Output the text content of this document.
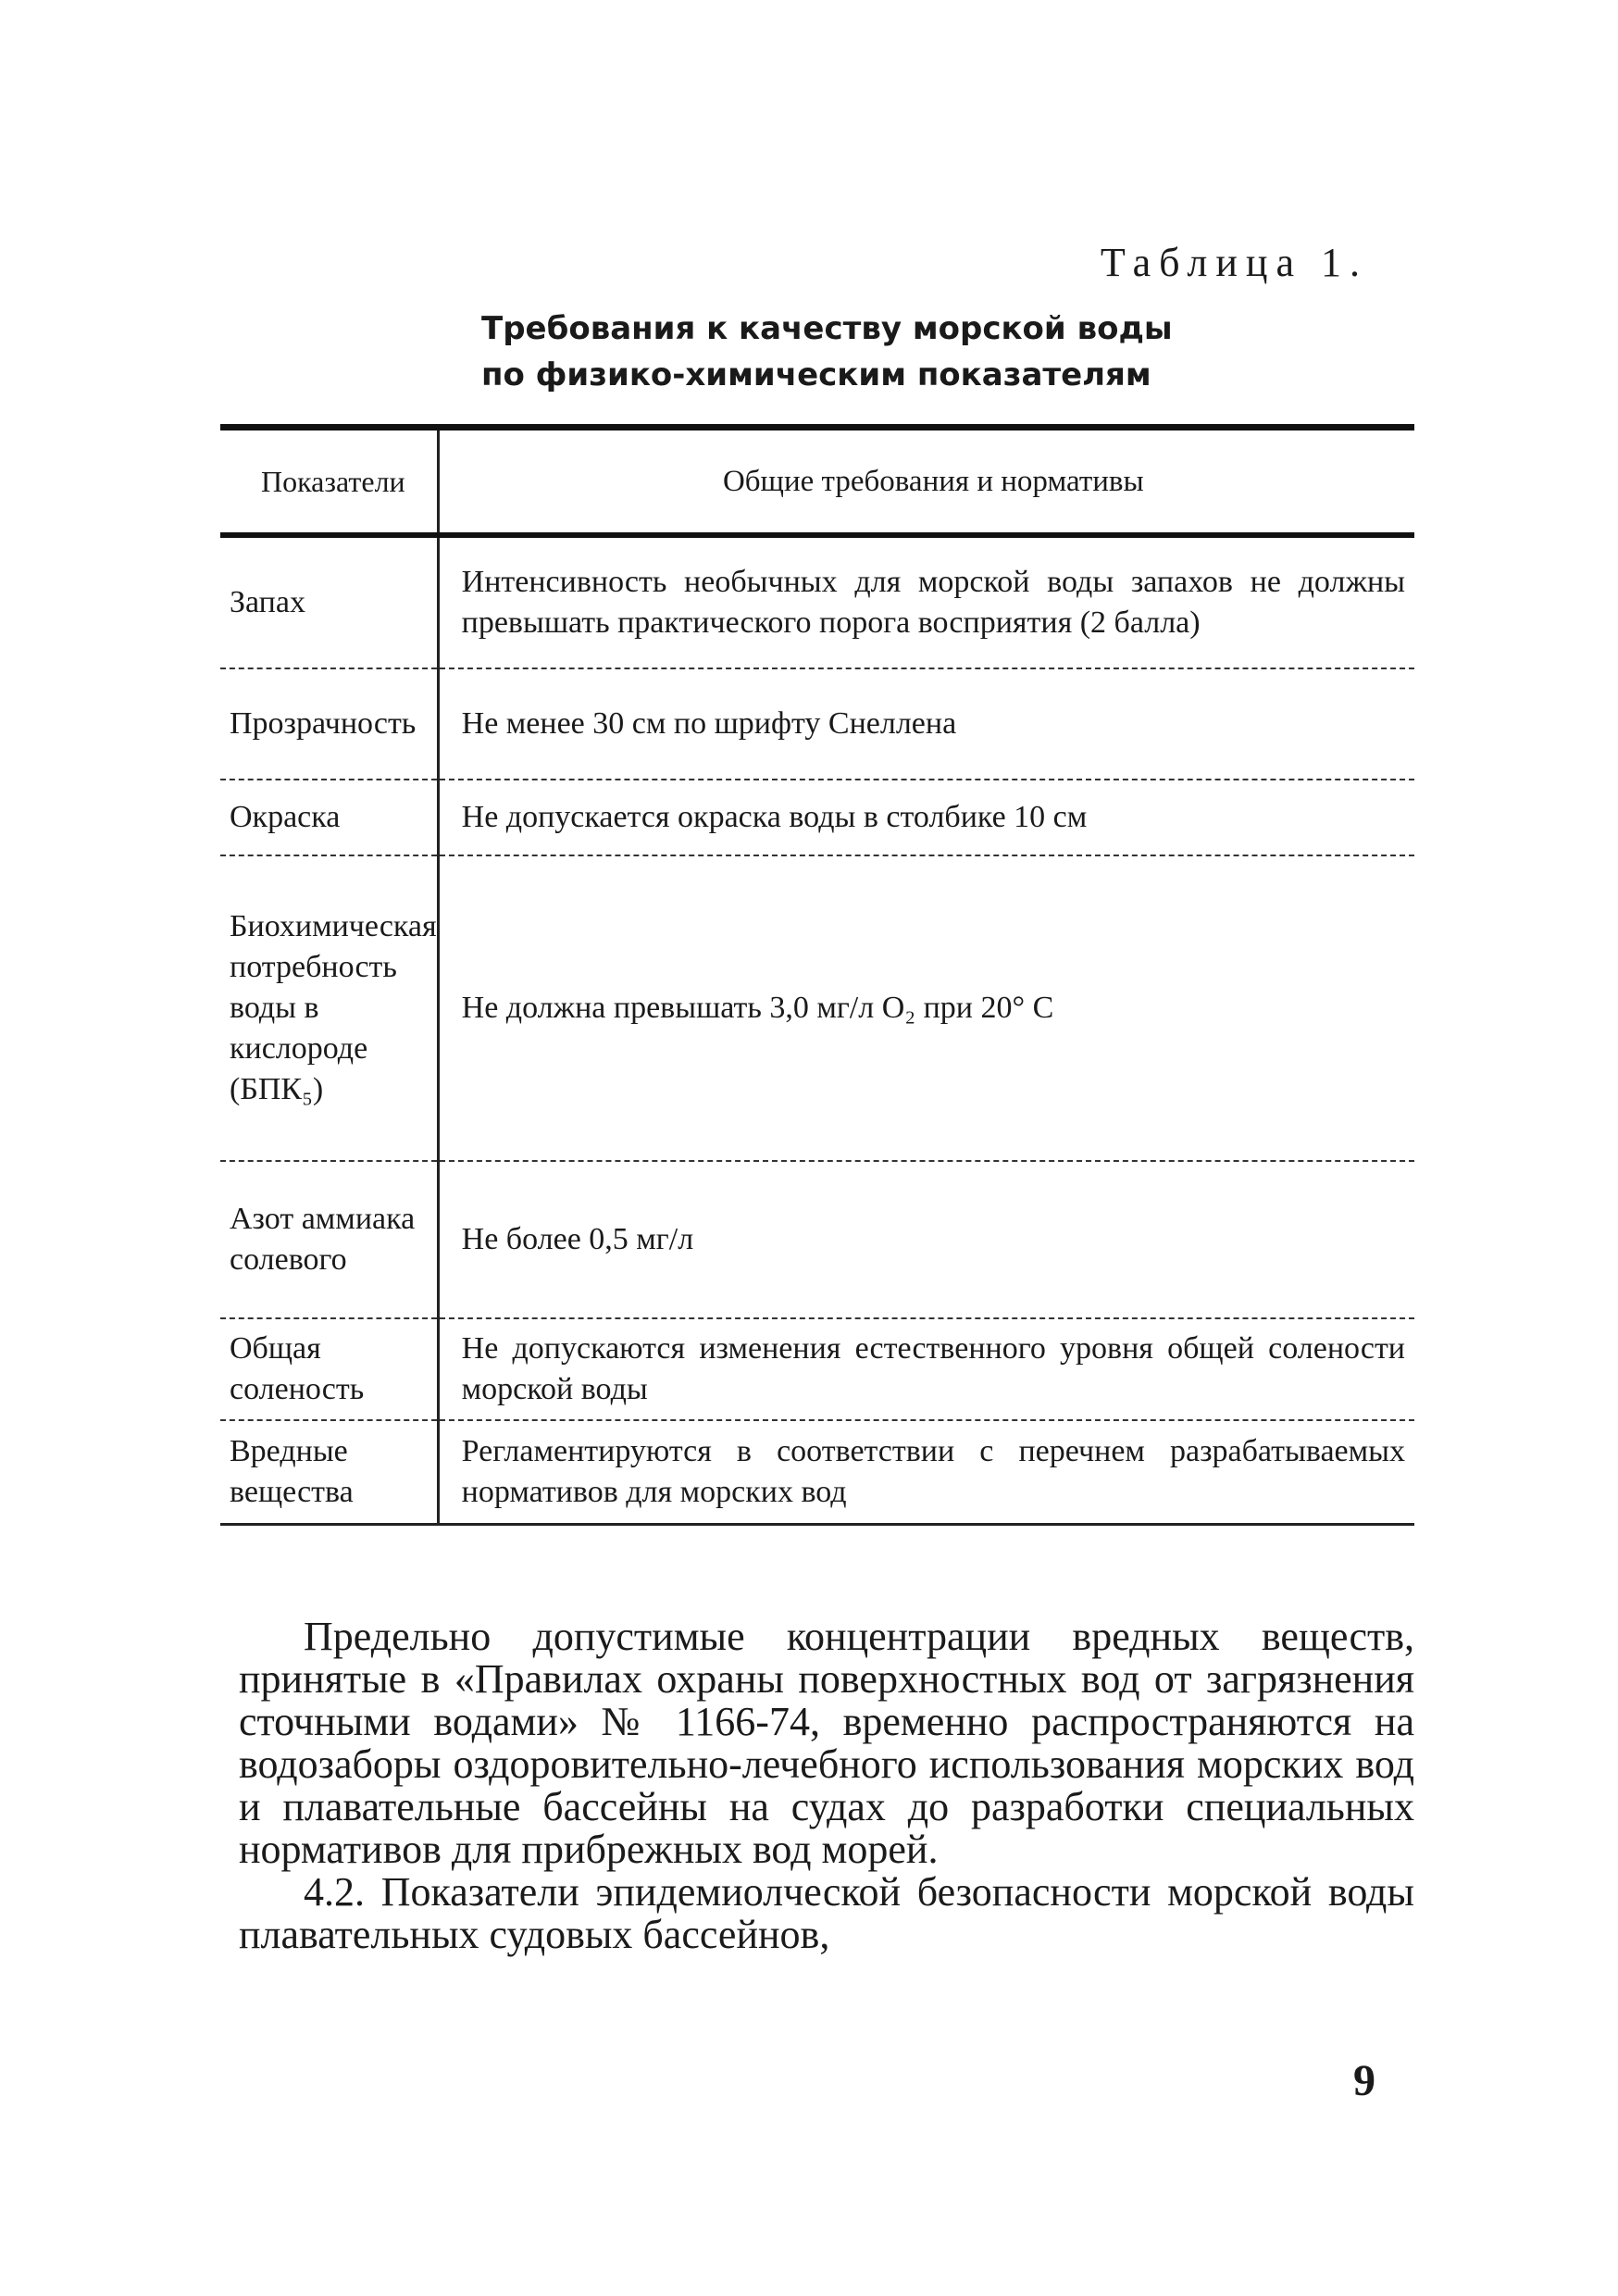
Таблица 1.
Требования к качеству морской воды
по физико-химическим показателям
Показатели	Общие требования и нормативы
Запах	Интенсивность необычных для морской воды запахов не должны превышать практического порога восприятия (2 балла)
Прозрачность	Не менее 30 см по шрифту Снеллена
Окраска	Не допускается окраска воды в столбике 10 см
Биохимическая потребность воды в кислороде (БПК₅)	Не должна превышать 3,0 мг/л O₂ при 20° С
Азот аммиака солевого	Не более 0,5 мг/л
Общая соленость	Не допускаются изменения естественного уровня общей солености морской воды
Вредные вещества	Регламентируются в соответствии с перечнем разрабатываемых нормативов для морских вод

Предельно допустимые концентрации вредных веществ, принятые в «Правилах охраны поверхностных вод от загрязнения сточными водами» № 1166-74, временно распространяются на водозаборы оздоровительно-лечебного использования морских вод и плавательные бассейны на судах до разработки специальных нормативов для прибрежных вод морей.

4.2. Показатели эпидемиолческой безопасности морской воды плавательных судовых бассейнов,

9
